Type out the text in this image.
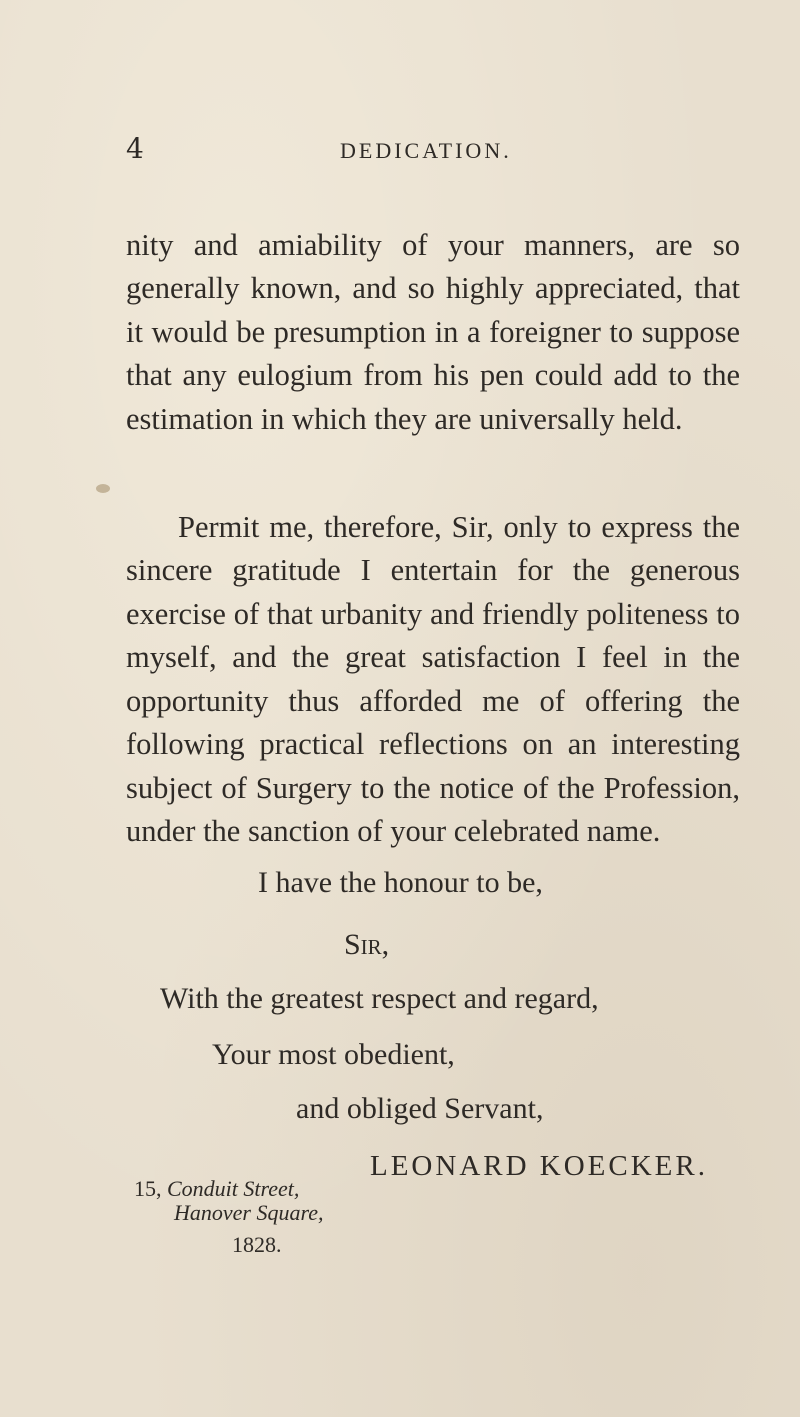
4	DEDICATION.

nity and amiability of your manners, are so generally known, and so highly appreciated, that it would be presumption in a foreigner to suppose that any eulogium from his pen could add to the estimation in which they are universally held.

Permit me, therefore, Sir, only to express the sincere gratitude I entertain for the generous exercise of that urbanity and friendly politeness to myself, and the great satisfaction I feel in the opportunity thus afforded me of offering the following practical reflections on an interesting subject of Surgery to the notice of the Profession, under the sanction of your celebrated name.

I have the honour to be,
Sir,
With the greatest respect and regard,
Your most obedient,
and obliged Servant,
LEONARD KOECKER.
15, Conduit Street,
Hanover Square,
1828.
